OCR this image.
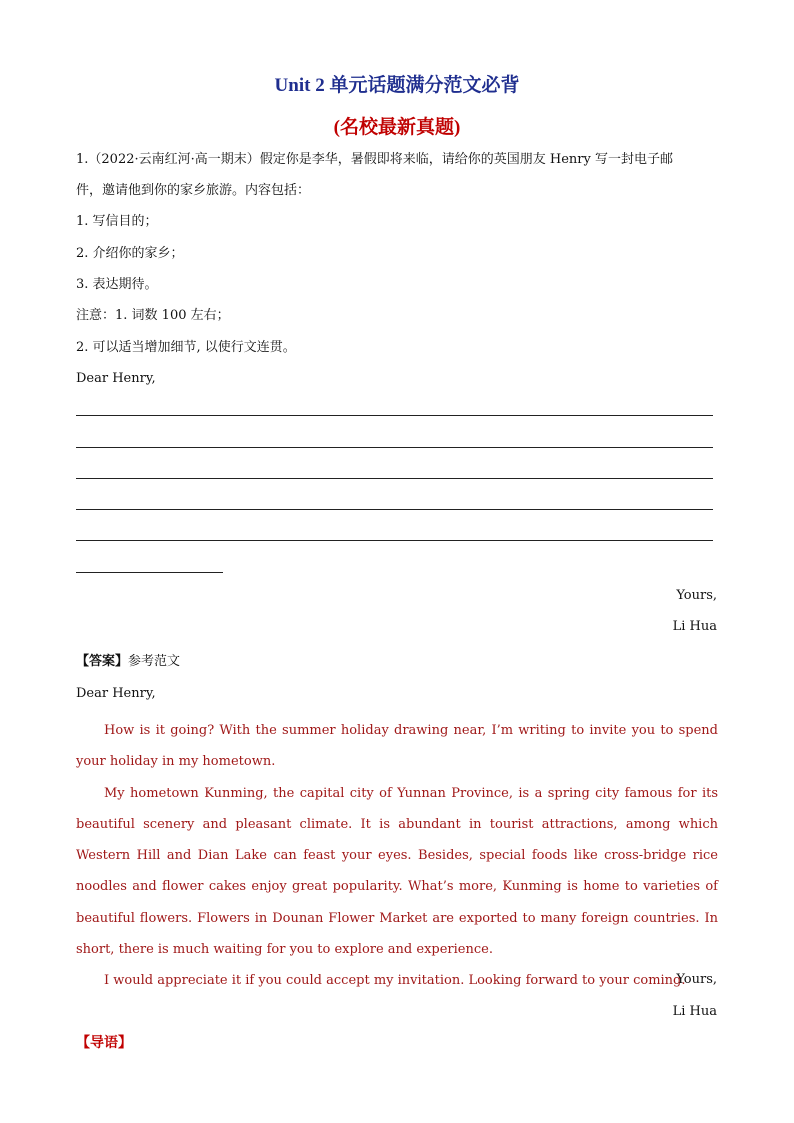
Unit 2 单元话题满分范文必背
(名校最新真题)
1.（2022·云南红河·高一期末）假定你是李华，暑假即将来临，请给你的英国朋友 Henry 写一封电子邮
件，邀请他到你的家乡旅游。内容包括：
1. 写信目的；
2. 介绍你的家乡；
3. 表达期待。
注意：1. 词数 100 左右；
2. 可以适当增加细节, 以使行文连贯。
Dear Henry,
Yours,
Li Hua
【答案】参考范文
Dear Henry,

How is it going? With the summer holiday drawing near, I’m writing to invite you to spend your holiday in my hometown.

My hometown Kunming, the capital city of Yunnan Province, is a spring city famous for its beautiful scenery and pleasant climate. It is abundant in tourist attractions, among which Western Hill and Dian Lake can feast your eyes. Besides, special foods like cross-bridge rice noodles and flower cakes enjoy great popularity. What’s more, Kunming is home to varieties of beautiful flowers. Flowers in Dounan Flower Market are exported to many foreign countries. In short, there is much waiting for you to explore and experience.

I would appreciate it if you could accept my invitation. Looking forward to your coming.

Yours,
Li Hua
【导语】
